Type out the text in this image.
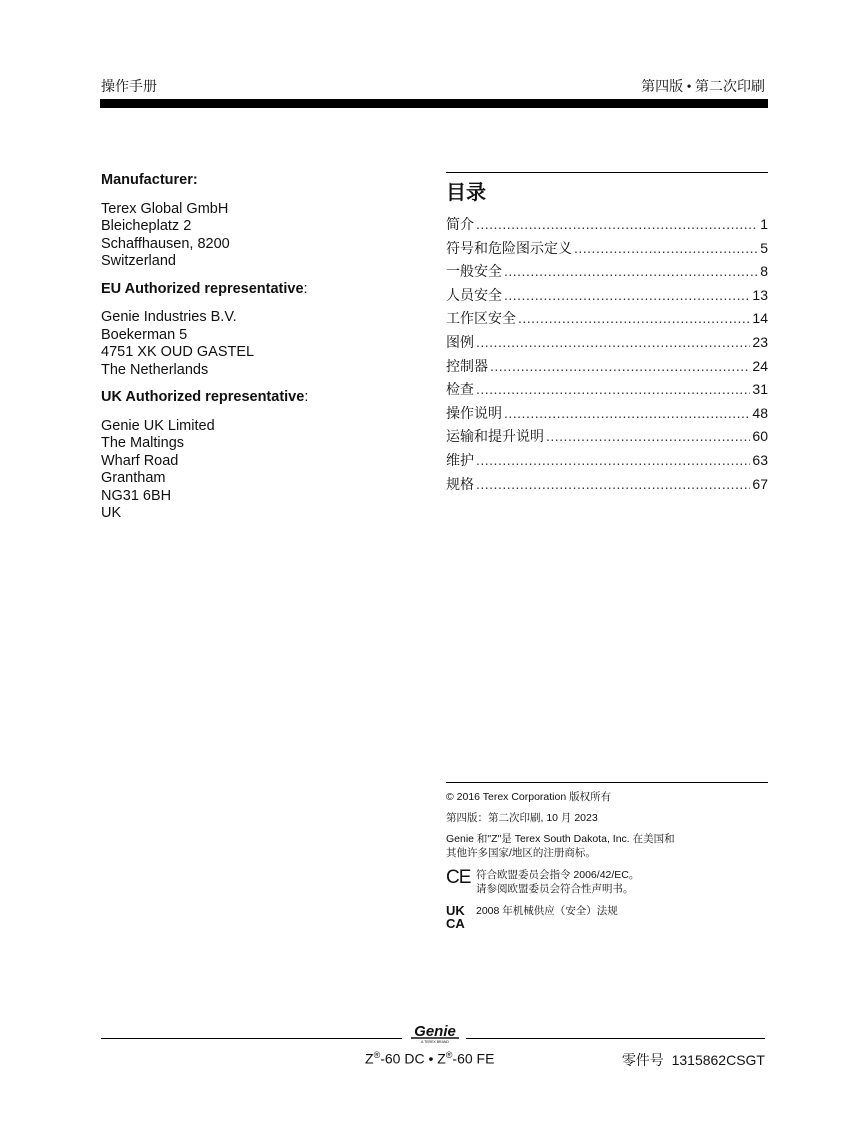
操作手册	第四版 • 第二次印刷

Manufacturer:

Terex Global GmbH
Bleicheplatz 2
Schaffhausen, 8200
Switzerland

EU Authorized representative:

Genie Industries B.V.
Boekerman 5
4751 XK OUD GASTEL
The Netherlands

UK Authorized representative:

Genie UK Limited
The Maltings
Wharf Road
Grantham
NG31 6BH
UK
目录
简介 .....	1
符号和危险图示定义 .....	5
一般安全 .....	8
人员安全 .....	13
工作区安全 .....	14
图例 .....	23
控制器 .....	24
检查 .....	31
操作说明 .....	48
运输和提升说明 .....	60
维护 .....	63
规格 .....	67

© 2016 Terex Corporation 版权所有

第四版：第二次印刷, 10 月 2023

Genie 和"Z"是 Terex South Dakota, Inc. 在美国和
其他许多国家/地区的注册商标。

CE 符合欧盟委员会指令 2006/42/EC。
请参阅欧盟委员会符合性声明书。
UK
CA
2008 年机械供应（安全）法规
Genie
A TEREX BRAND
Z®-60 DC • Z®-60 FE	零件号 1315862CSGT
